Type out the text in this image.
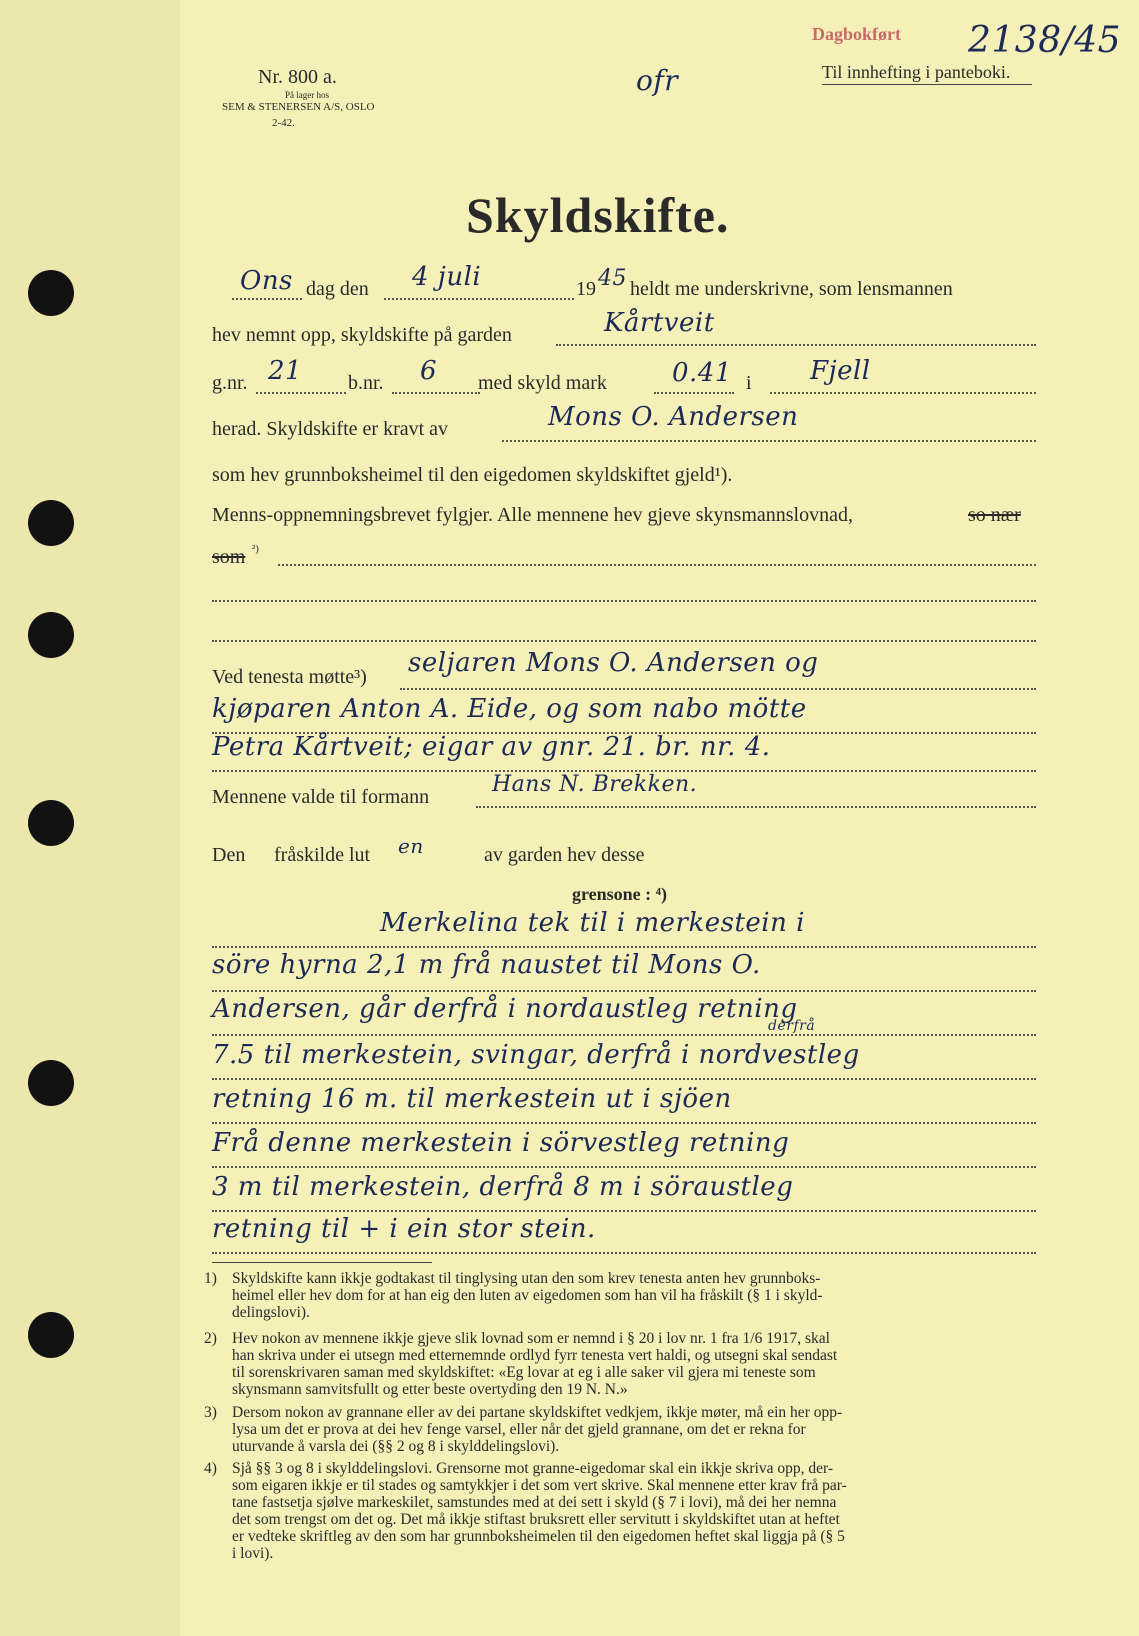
Nr. 800 a.
På lager hos
SEM & STENERSEN A/S, OSLO
2-42.
ofr
Dagbokført 2138/45
Til innhefting i panteboki.
Skyldskifte.
Ons dag den 4 juli	19 45 heldt me underskrivne, som lensmannen
hev nemnt opp, skyldskifte på garden	Kårtveit
g.nr. 21 b.nr. 6 med skyld mark	0.41 i Fjell
herad. Skyldskifte er kravt av	Mons O. Andersen
som hev grunnboksheimel til den eigedomen skyldskiftet gjeld¹).
Menns-oppnemningsbrevet fylgjer. Alle mennene hev gjeve skynsmannslovnad,	so nær
som ²)
Ved tenesta møtte³) seljaren Mons O. Andersen og
kjøparen Anton A. Eide, og som nabo mötte
Petra Kårtveit; eigar av gnr. 21. br. nr. 4.
Mennene valde til formann	Hans N. Brekken.
Den fråskilde lut en	av garden hev desse
grensone : ⁴)
Merkelina tek til i merkestein i
söre hyrna 2,1 m frå naustet til Mons O.
Andersen, går derfrå i nordaustleg retning
derfrå
7.5 til merkestein, svingar, derfrå i nordvestleg
retning 16 m. til merkestein ut i sjöen
Frå denne merkestein i sörvestleg retning
3 m til merkestein, derfrå 8 m i söraustleg
retning til + i ein stor stein.
1) Skyldskifte kann ikkje godtakast til tinglysing utan den som krev tenesta anten hev grunnboks-
heimel eller hev dom for at han eig den luten av eigedomen som han vil ha fråskilt (§ 1 i skyld-
delingslovi).
2) Hev nokon av mennene ikkje gjeve slik lovnad som er nemnd i § 20 i lov nr. 1 fra 1/6 1917, skal
han skriva under ei utsegn med etternemnde ordlyd fyrr tenesta vert haldi, og utsegni skal sendast
til sorenskrivaren saman med skyldskiftet: «Eg lovar at eg i alle saker vil gjera mi teneste som
skynsmann samvitsfullt og etter beste overtyding den 19 N. N.»
3) Dersom nokon av grannane eller av dei partane skyldskiftet vedkjem, ikkje møter, må ein her opp-
lysa um det er prova at dei hev fenge varsel, eller når det gjeld grannane, om det er rekna for
uturvande å varsla dei (§§ 2 og 8 i skylddelingslovi).
4) Sjå §§ 3 og 8 i skylddelingslovi. Grensorne mot granne-eigedomar skal ein ikkje skriva opp, der-
som eigaren ikkje er til stades og samtykkjer i det som vert skrive. Skal mennene etter krav frå par-
tane fastsetja sjølve markeskilet, samstundes med at dei sett i skyld (§ 7 i lovi), må dei her nemna
det som trengst om det og. Det må ikkje stiftast bruksrett eller servitutt i skyldskiftet utan at heftet
er vedteke skriftleg av den som har grunnboksheimelen til den eigedomen heftet skal liggja på (§ 5
i lovi).
